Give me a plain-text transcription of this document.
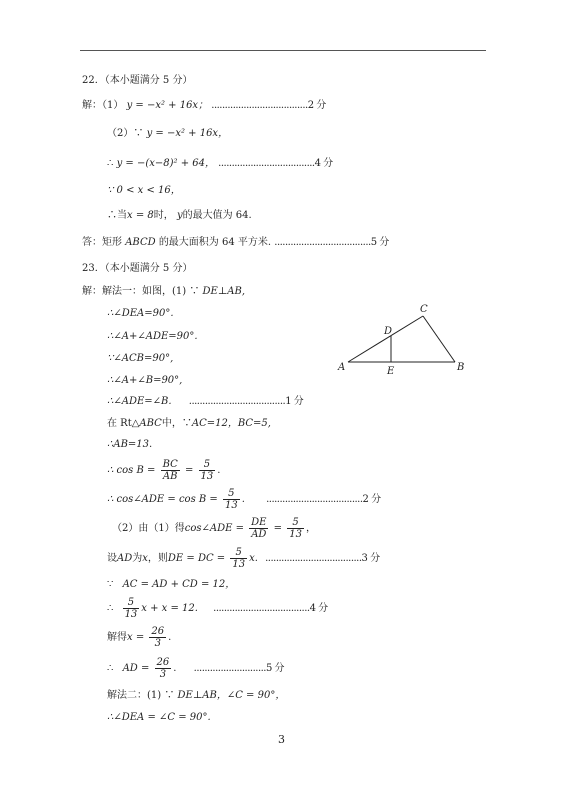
22．（本小题满分 5 分）
解：（1） y = −x² + 16x； ....................................2 分
（2）∵ y = −x² + 16x，
∴ y = −(x−8)² + 64， ....................................4 分
∵ 0 < x < 16，
∴当x = 8时， y的最大值为 64.
答：矩形 ABCD 的最大面积为 64 平方米. ....................................5 分
23．（本小题满分 5 分）
解：解法一：如图，(1) ∵ DE⊥AB,
∴∠DEA=90°.
∴∠A+∠ADE=90°.
∵∠ACB=90°,
∴∠A+∠B=90°,
∴∠ADE=∠B. ....................................1 分
在 Rt△ABC中，∵AC=12，BC=5,
∴AB=13.
∴ $\cos B = \frac{BC}{AB} = \frac{5}{13}$ .
∴ cos∠ADE = $\cos B = \frac{5}{13}$ . ....................................2 分
（2）由（1）得cos∠ADE = $\frac{DE}{AD} = \frac{5}{13}$ ，
设AD为x，则DE = DC = $\frac{5}{13} x$. ....................................3 分
∵ AC = AD + CD = 12，
∴ $\frac{5}{13}$ x + x = 12. ....................................4 分
解得$x = \frac{26}{3}$ .
∴ AD = $\frac{26}{3}$ . ...........................5 分
解法二：(1) ∵ DE⊥AB，∠C = 90°，
∴∠DEA = ∠C = 90°.
A	B
C
D
E
3
